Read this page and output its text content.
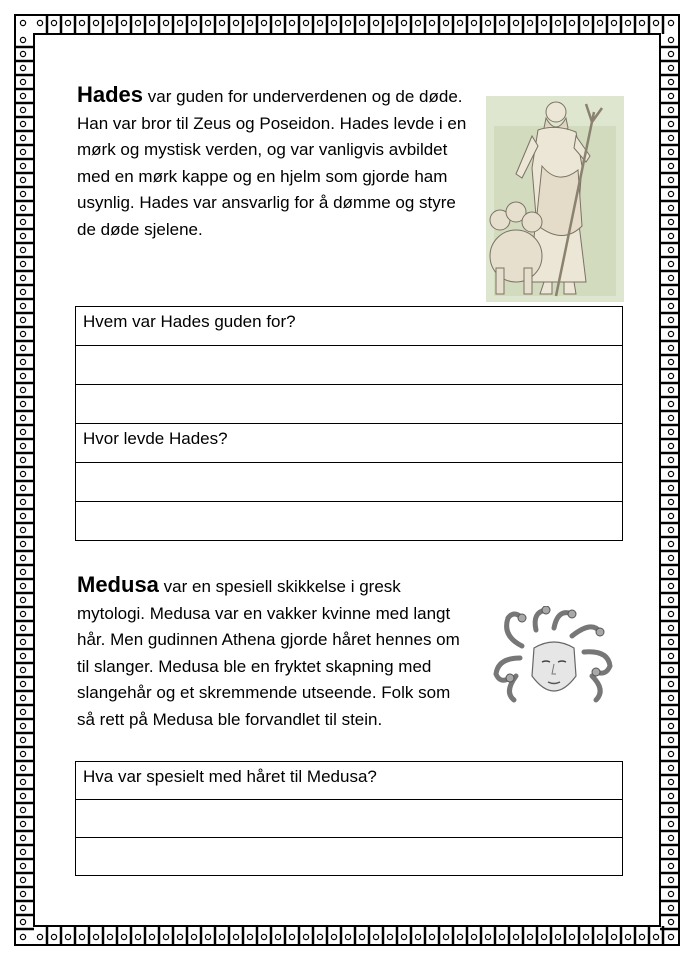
Hades var guden for underverdenen og de døde. Han var bror til Zeus og Poseidon. Hades levde i en mørk og mystisk verden, og var vanligvis avbildet med en mørk kappe og en hjelm som gjorde ham usynlig. Hades var ansvarlig for å dømme og styre de døde sjelene.
Hvem var Hades guden for?

Hvor levde Hades?

Medusa var en spesiell skikkelse i gresk mytologi. Medusa var en vakker kvinne med langt hår. Men gudinnen Athena gjorde håret hennes om til slanger. Medusa ble en fryktet skapning med slangehår og et skremmende utseende. Folk som så rett på Medusa ble forvandlet til stein.
Hva var spesielt med håret til Medusa?
